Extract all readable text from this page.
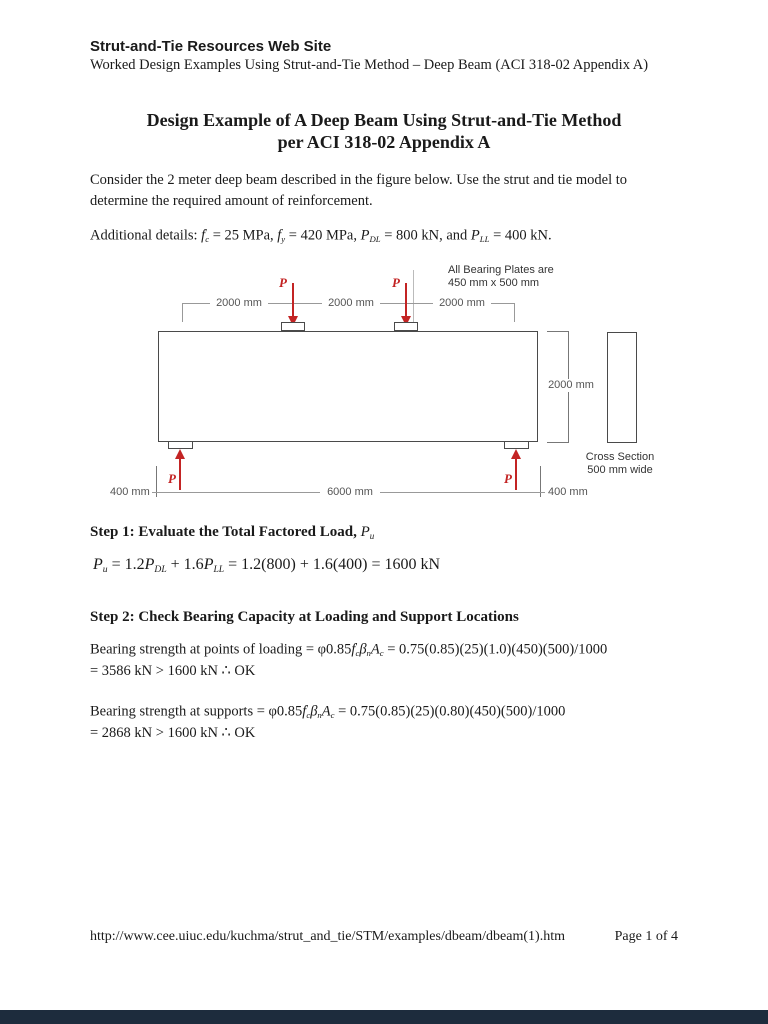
Strut-and-Tie Resources Web Site
Worked Design Examples Using Strut-and-Tie Method – Deep Beam (ACI 318-02 Appendix A)
Design Example of A Deep Beam Using Strut-and-Tie Method
per ACI 318-02 Appendix A
Consider the 2 meter deep beam described in the figure below. Use the strut and tie model to
determine the required amount of reinforcement.
Additional details: f'c = 25 MPa, fy = 420 MPa, PDL = 800 kN, and PLL = 400 kN.
All Bearing Plates are
450 mm x 500 mm
2000 mm	2000 mm	2000 mm
P	P
P	P
2000 mm
Cross Section
500 mm wide
400 mm	6000 mm	400 mm
Step 1: Evaluate the Total Factored Load, Pu
Pu = 1.2PDL + 1.6PLL = 1.2(800) + 1.6(400) = 1600 kN
Step 2: Check Bearing Capacity at Loading and Support Locations
Bearing strength at points of loading = φ0.85f'cβnAc = 0.75(0.85)(25)(1.0)(450)(500)/1000
= 3586 kN > 1600 kN ∴ OK
Bearing strength at supports = φ0.85f'cβnAc = 0.75(0.85)(25)(0.80)(450)(500)/1000
= 2868 kN > 1600 kN ∴ OK
http://www.cee.uiuc.edu/kuchma/strut_and_tie/STM/examples/dbeam/dbeam(1).htm	Page 1 of 4
